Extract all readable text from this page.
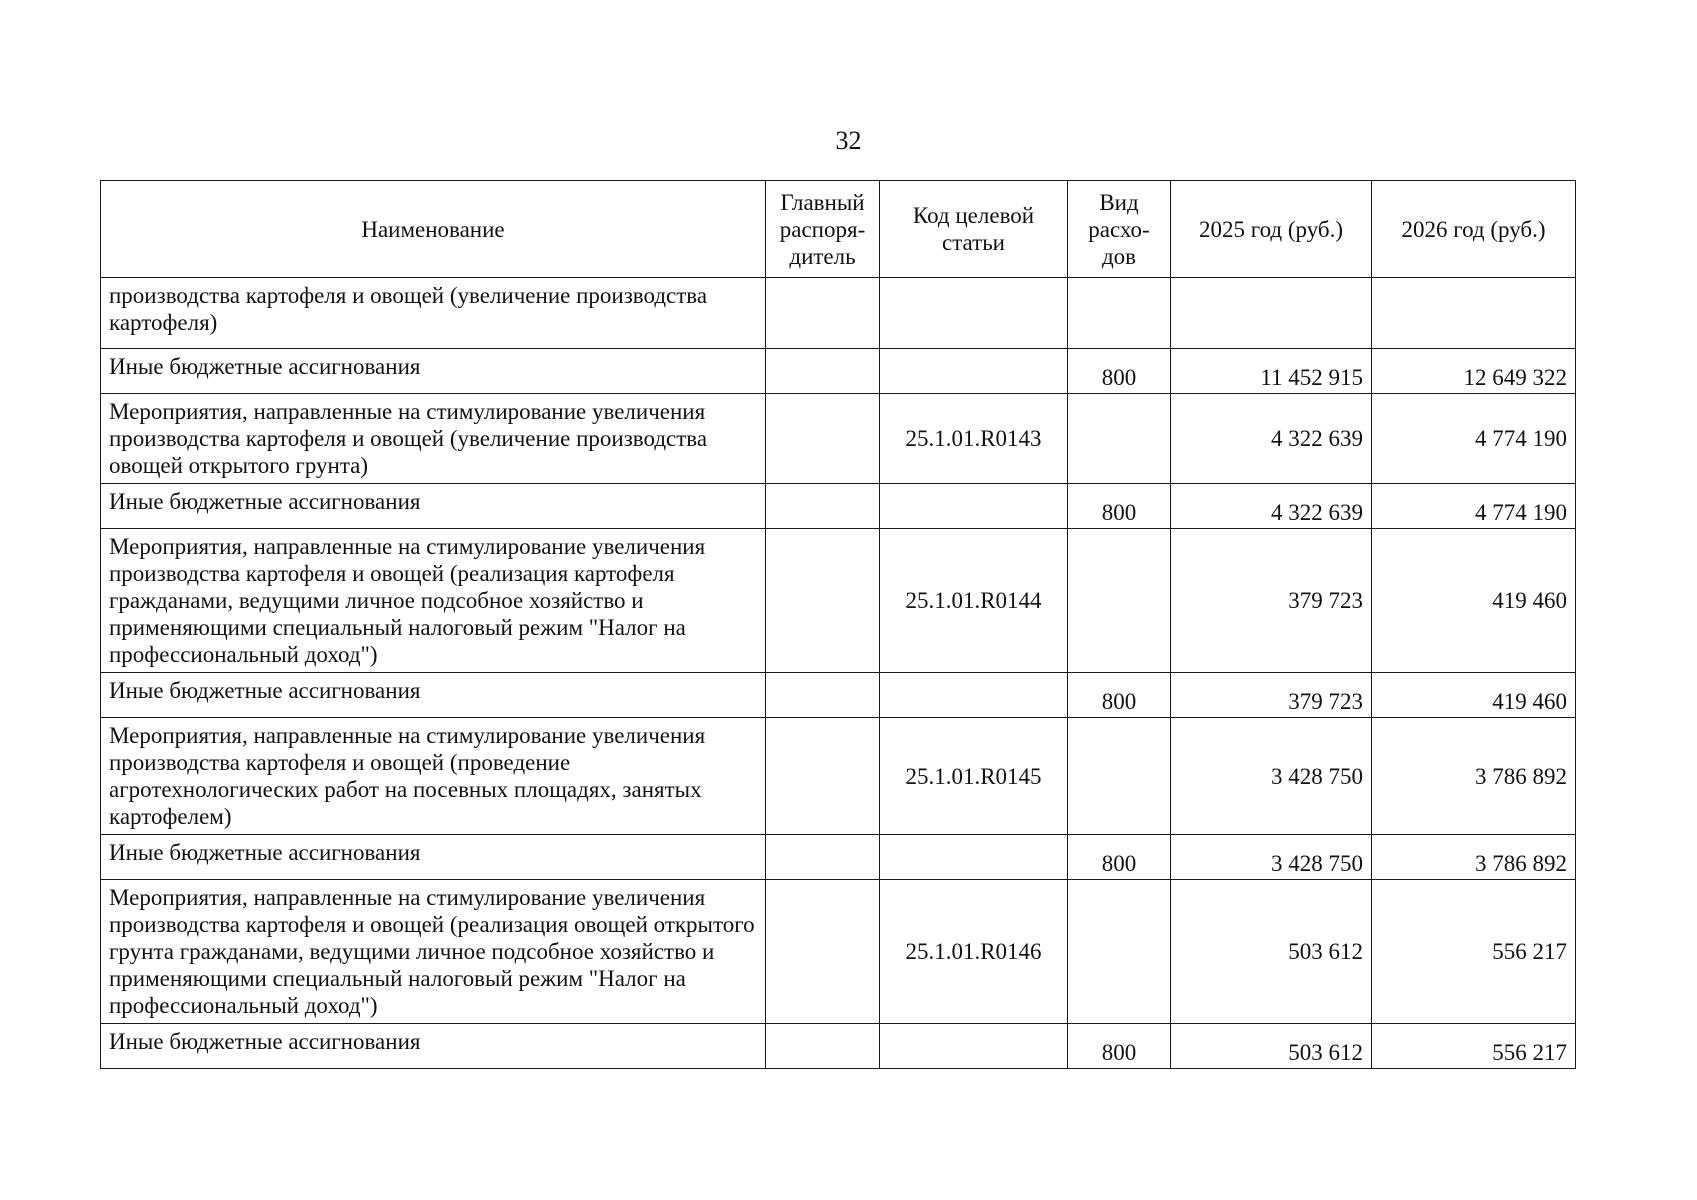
32
Наименование	Главный распоря-дитель	Код целевой статьи	Вид расхо-дов	2025 год (руб.)	2026 год (руб.)
производства картофеля и овощей (увеличение производства картофеля)					
Иные бюджетные ассигнования			800	11 452 915	12 649 322
Мероприятия, направленные на стимулирование увеличения производства картофеля и овощей (увеличение производства овощей открытого грунта)		25.1.01.R0143		4 322 639	4 774 190
Иные бюджетные ассигнования			800	4 322 639	4 774 190
Мероприятия, направленные на стимулирование увеличения производства картофеля и овощей (реализация картофеля гражданами, ведущими личное подсобное хозяйство и применяющими специальный налоговый режим "Налог на профессиональный доход")		25.1.01.R0144		379 723	419 460
Иные бюджетные ассигнования			800	379 723	419 460
Мероприятия, направленные на стимулирование увеличения производства картофеля и овощей (проведение агротехнологических работ на посевных площадях, занятых картофелем)		25.1.01.R0145		3 428 750	3 786 892
Иные бюджетные ассигнования			800	3 428 750	3 786 892
Мероприятия, направленные на стимулирование увеличения производства картофеля и овощей (реализация овощей открытого грунта гражданами, ведущими личное подсобное хозяйство и применяющими специальный налоговый режим "Налог на профессиональный доход")		25.1.01.R0146		503 612	556 217
Иные бюджетные ассигнования			800	503 612	556 217
